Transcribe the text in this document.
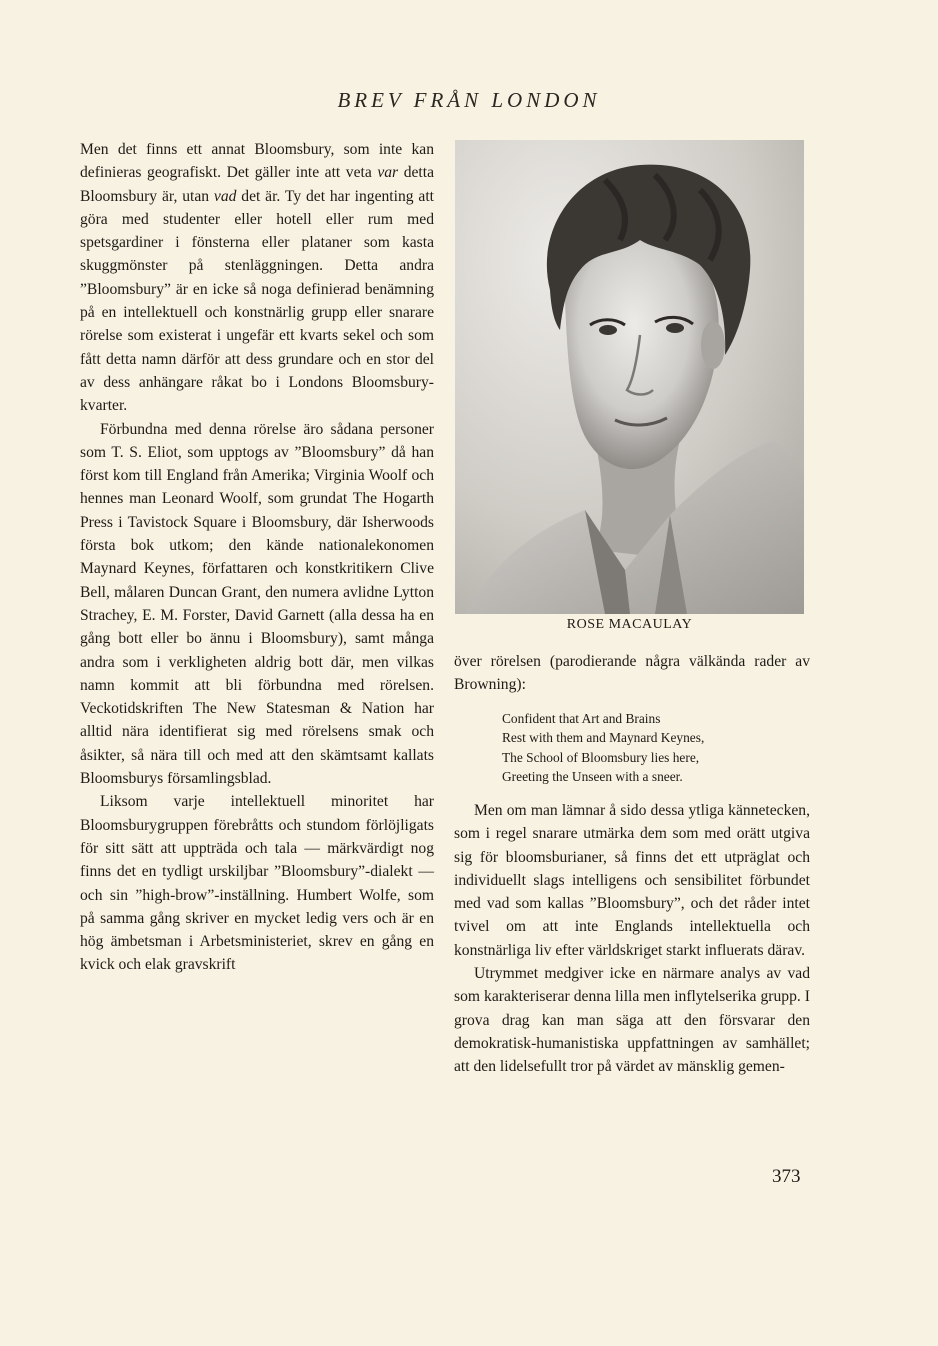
BREV FRÅN LONDON

Men det finns ett annat Bloomsbury, som inte kan definieras geografiskt. Det gäller inte att veta var detta Bloomsbury är, utan vad det är. Ty det har ingenting att göra med studenter eller hotell eller rum med spetsgardiner i fönsterna eller plataner som kasta skuggmönster på stenläggningen. Detta andra ”Bloomsbury” är en icke så noga definierad benämning på en intellektuell och konstnärlig grupp eller snarare rörelse som existerat i ungefär ett kvarts sekel och som fått detta namn därför att dess grundare och en stor del av dess anhängare råkat bo i Londons Bloomsbury-kvarter.

Förbundna med denna rörelse äro sådana personer som T. S. Eliot, som upptogs av ”Bloomsbury” då han först kom till England från Amerika; Virginia Woolf och hennes man Leonard Woolf, som grundat The Hogarth Press i Tavistock Square i Bloomsbury, där Isherwoods första bok utkom; den kände nationalekonomen Maynard Keynes, författaren och konstkritikern Clive Bell, målaren Duncan Grant, den numera avlidne Lytton Strachey, E. M. Forster, David Garnett (alla dessa ha en gång bott eller bo ännu i Bloomsbury), samt många andra som i verkligheten aldrig bott där, men vilkas namn kommit att bli förbundna med rörelsen. Veckotidskriften The New Statesman & Nation har alltid nära identifierat sig med rörelsens smak och åsikter, så nära till och med att den skämtsamt kallats Bloomsburys församlingsblad.

Liksom varje intellektuell minoritet har Bloomsburygruppen förebråtts och stundom förlöjligats för sitt sätt att uppträda och tala — märkvärdigt nog finns det en tydligt urskiljbar ”Bloomsbury”-dialekt — och sin ”high-brow”-inställning. Humbert Wolfe, som på samma gång skriver en mycket ledig vers och är en hög ämbetsman i Arbetsministeriet, skrev en gång en kvick och elak gravskrift

ROSE MACAULAY

över rörelsen (parodierande några välkända rader av Browning):

Confident that Art and Brains
Rest with them and Maynard Keynes,
The School of Bloomsbury lies here,
Greeting the Unseen with a sneer.

Men om man lämnar å sido dessa ytliga kännetecken, som i regel snarare utmärka dem som med orätt utgiva sig för bloomsburianer, så finns det ett utpräglat och individuellt slags intelligens och sensibilitet förbundet med vad som kallas ”Bloomsbury”, och det råder intet tvivel om att inte Englands intellektuella och konstnärliga liv efter världskriget starkt influerats därav.

Utrymmet medgiver icke en närmare analys av vad som karakteriserar denna lilla men inflytelserika grupp. I grova drag kan man säga att den försvarar den demokratisk-humanistiska uppfattningen av samhället; att den lidelsefullt tror på värdet av mänsklig gemen-

373
